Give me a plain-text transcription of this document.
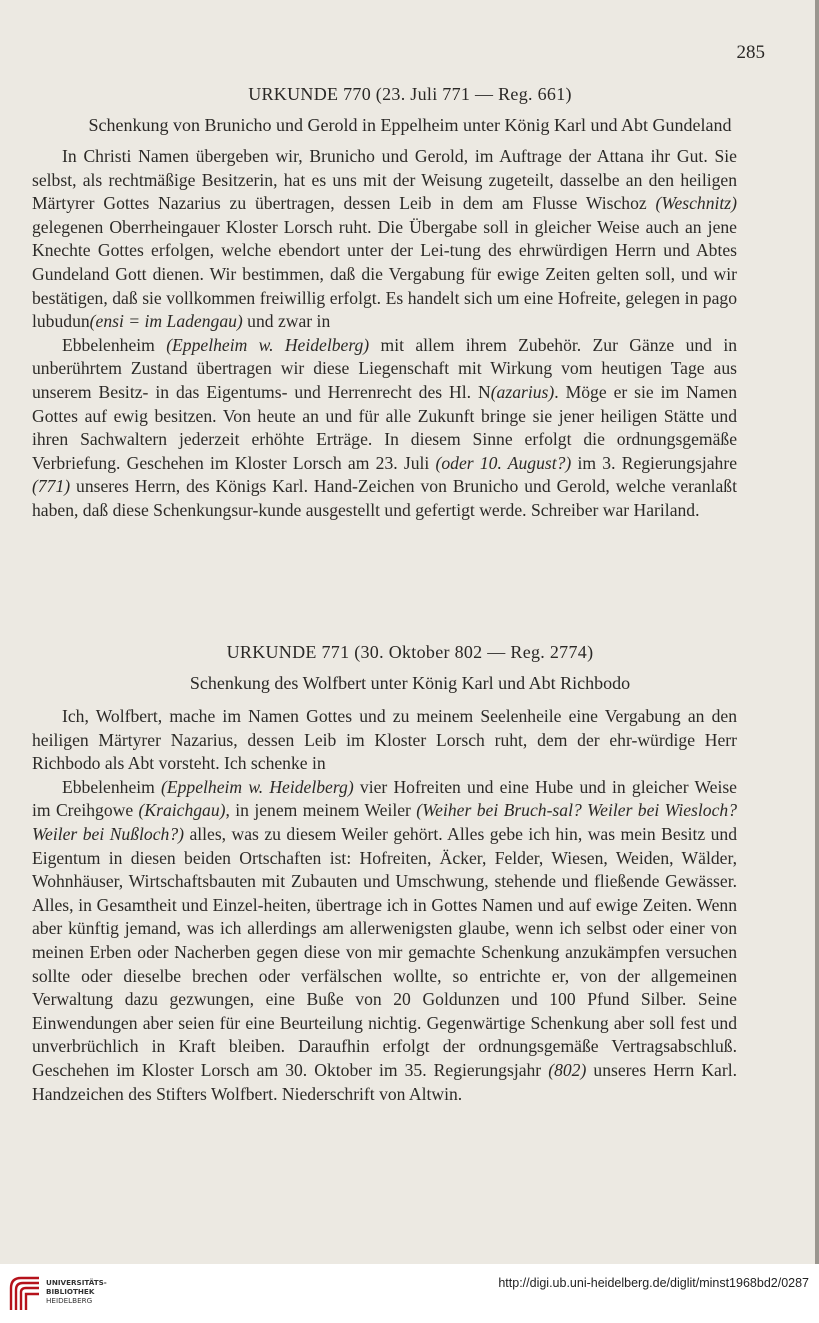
285
URKUNDE 770 (23. Juli 771 — Reg. 661)
Schenkung von Brunicho und Gerold in Eppelheim unter König Karl und Abt Gundeland

In Christi Namen übergeben wir, Brunicho und Gerold, im Auftrage der Attana ihr Gut. Sie selbst, als rechtmäßige Besitzerin, hat es uns mit der Weisung zugeteilt, dasselbe an den heiligen Märtyrer Gottes Nazarius zu übertragen, dessen Leib in dem am Flusse Wischoz (Weschnitz) gelegenen Oberrheingauer Kloster Lorsch ruht. Die Übergabe soll in gleicher Weise auch an jene Knechte Gottes erfolgen, welche ebendort unter der Lei-tung des ehrwürdigen Herrn und Abtes Gundeland Gott dienen. Wir bestimmen, daß die Vergabung für ewige Zeiten gelten soll, und wir bestätigen, daß sie vollkommen freiwillig erfolgt. Es handelt sich um eine Hofreite, gelegen in pago lubudun(ensi = im Ladengau) und zwar in

Ebbelenheim (Eppelheim w. Heidelberg) mit allem ihrem Zubehör. Zur Gänze und in unberührtem Zustand übertragen wir diese Liegenschaft mit Wirkung vom heutigen Tage aus unserem Besitz- in das Eigentums- und Herrenrecht des Hl. N(azarius). Möge er sie im Namen Gottes auf ewig besitzen. Von heute an und für alle Zukunft bringe sie jener heiligen Stätte und ihren Sachwaltern jederzeit erhöhte Erträge. In diesem Sinne erfolgt die ordnungsgemäße Verbriefung. Geschehen im Kloster Lorsch am 23. Juli (oder 10. August?) im 3. Regierungsjahre (771) unseres Herrn, des Königs Karl. Hand-Zeichen von Brunicho und Gerold, welche veranlaßt haben, daß diese Schenkungsur-kunde ausgestellt und gefertigt werde. Schreiber war Hariland.

URKUNDE 771 (30. Oktober 802 — Reg. 2774)
Schenkung des Wolfbert unter König Karl und Abt Richbodo

Ich, Wolfbert, mache im Namen Gottes und zu meinem Seelenheile eine Vergabung an den heiligen Märtyrer Nazarius, dessen Leib im Kloster Lorsch ruht, dem der ehr-würdige Herr Richbodo als Abt vorsteht. Ich schenke in

Ebbelenheim (Eppelheim w. Heidelberg) vier Hofreiten und eine Hube und in gleicher Weise im Creihgowe (Kraichgau), in jenem meinem Weiler (Weiher bei Bruch-sal? Weiler bei Wiesloch? Weiler bei Nußloch?) alles, was zu diesem Weiler gehört. Alles gebe ich hin, was mein Besitz und Eigentum in diesen beiden Ortschaften ist: Hofreiten, Äcker, Felder, Wiesen, Weiden, Wälder, Wohnhäuser, Wirtschaftsbauten mit Zubauten und Umschwung, stehende und fließende Gewässer. Alles, in Gesamtheit und Einzel-heiten, übertrage ich in Gottes Namen und auf ewige Zeiten. Wenn aber künftig jemand, was ich allerdings am allerwenigsten glaube, wenn ich selbst oder einer von meinen Erben oder Nacherben gegen diese von mir gemachte Schenkung anzukämpfen versuchen sollte oder dieselbe brechen oder verfälschen wollte, so entrichte er, von der allgemeinen Verwaltung dazu gezwungen, eine Buße von 20 Goldunzen und 100 Pfund Silber. Seine Einwendungen aber seien für eine Beurteilung nichtig. Gegenwärtige Schenkung aber soll fest und unverbrüchlich in Kraft bleiben. Daraufhin erfolgt der ordnungsgemäße Vertragsabschluß. Geschehen im Kloster Lorsch am 30. Oktober im 35. Regierungsjahr (802) unseres Herrn Karl. Handzeichen des Stifters Wolfbert. Niederschrift von Altwin.

UNIVERSITÄTS-
BIBLIOTHEK
HEIDELBERG
http://digi.ub.uni-heidelberg.de/diglit/minst1968bd2/0287
